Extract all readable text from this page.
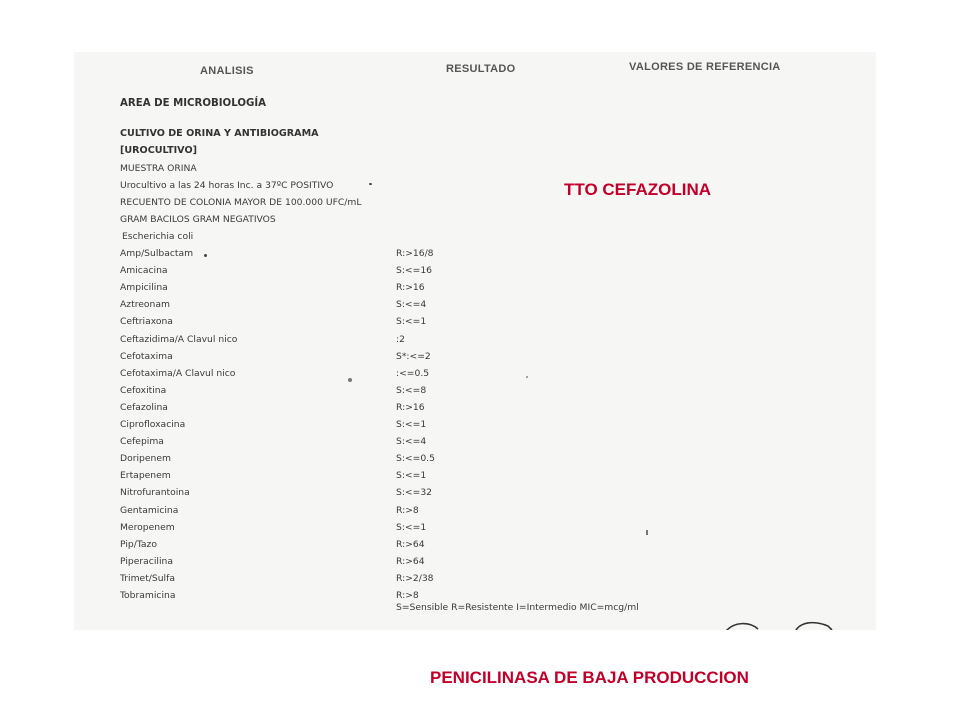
ANALISIS	RESULTADO	VALORES DE REFERENCIA
AREA DE MICROBIOLOGÍA
CULTIVO DE ORINA Y ANTIBIOGRAMA
[UROCULTIVO]
MUESTRA ORINA
Urocultivo a las 24 horas Inc. a 37ºC POSITIVO
RECUENTO DE COLONIA MAYOR DE 100.000 UFC/mL
GRAM BACILOS GRAM NEGATIVOS
Escherichia coli
Amp/Sulbactam	R:>16/8
Amicacina	S:<=16
Ampicilina	R:>16
Aztreonam	S:<=4
Ceftriaxona	S:<=1
Ceftazidima/A Clavul nico	:2
Cefotaxima	S*:<=2
Cefotaxima/A Clavul nico	:<=0.5
Cefoxitina	S:<=8
Cefazolina	R:>16
Ciprofloxacina	S:<=1
Cefepima	S:<=4
Doripenem	S:<=0.5
Ertapenem	S:<=1
Nitrofurantoina	S:<=32
Gentamicina	R:>8
Meropenem	S:<=1
Pip/Tazo	R:>64
Piperacilina	R:>64
Trimet/Sulfa	R:>2/38
Tobramicina	R:>8
S=Sensible R=Resistente I=Intermedio MIC=mcg/ml
TTO CEFAZOLINA
PENICILINASA DE BAJA PRODUCCION
